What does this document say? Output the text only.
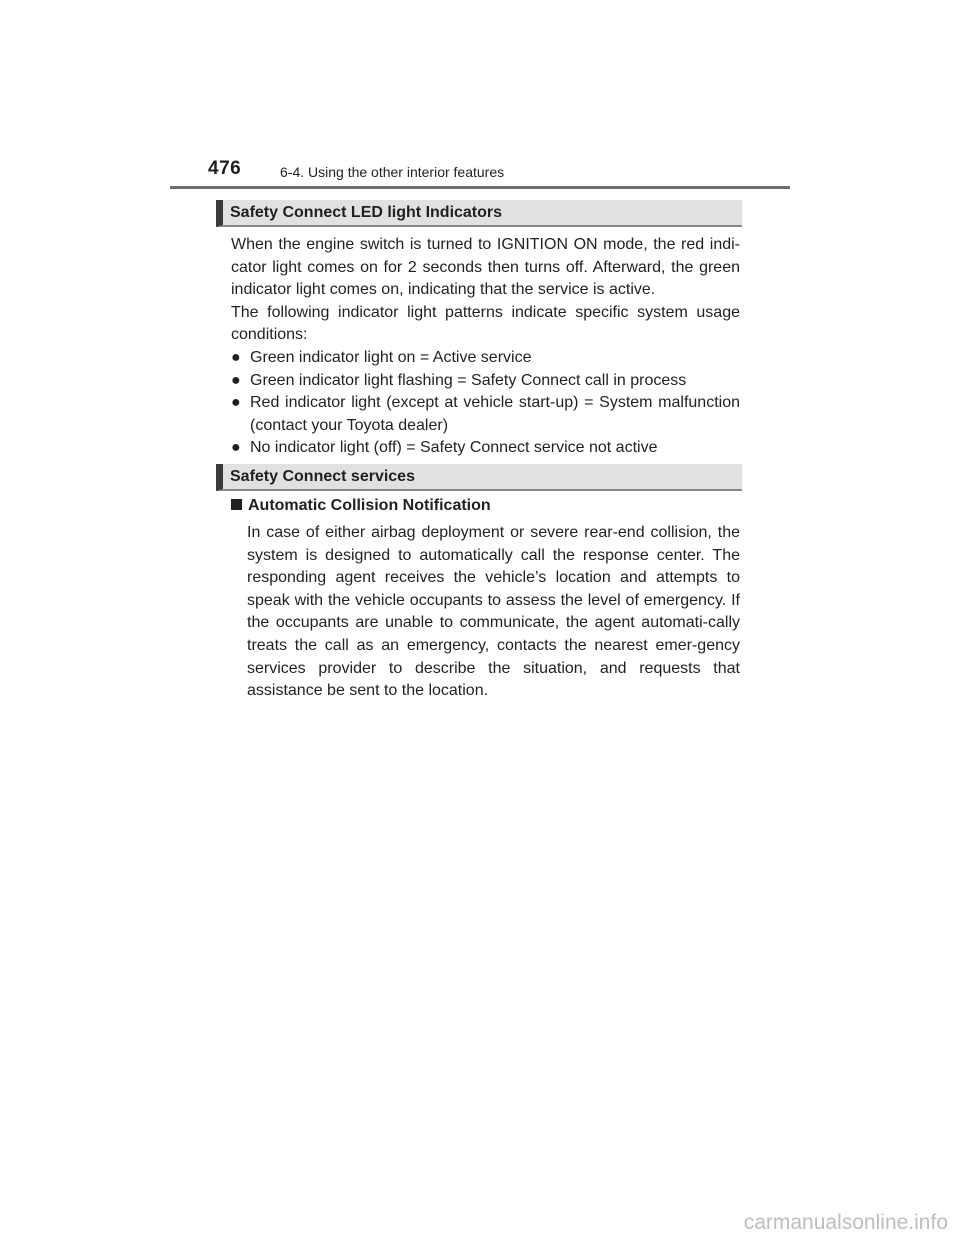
476	6-4. Using the other interior features
Safety Connect LED light Indicators

When the engine switch is turned to IGNITION ON mode, the red indi-cator light comes on for 2 seconds then turns off. Afterward, the green indicator light comes on, indicating that the service is active.

The following indicator light patterns indicate specific system usage conditions:

● Green indicator light on = Active service
● Green indicator light flashing = Safety Connect call in process
● Red indicator light (except at vehicle start-up) = System malfunction (contact your Toyota dealer)
● No indicator light (off) = Safety Connect service not active
Safety Connect services
Automatic Collision Notification

In case of either airbag deployment or severe rear-end collision, the system is designed to automatically call the response center. The responding agent receives the vehicle’s location and attempts to speak with the vehicle occupants to assess the level of emergency. If the occupants are unable to communicate, the agent automati-cally treats the call as an emergency, contacts the nearest emer-gency services provider to describe the situation, and requests that assistance be sent to the location.

carmanualsonline.info
